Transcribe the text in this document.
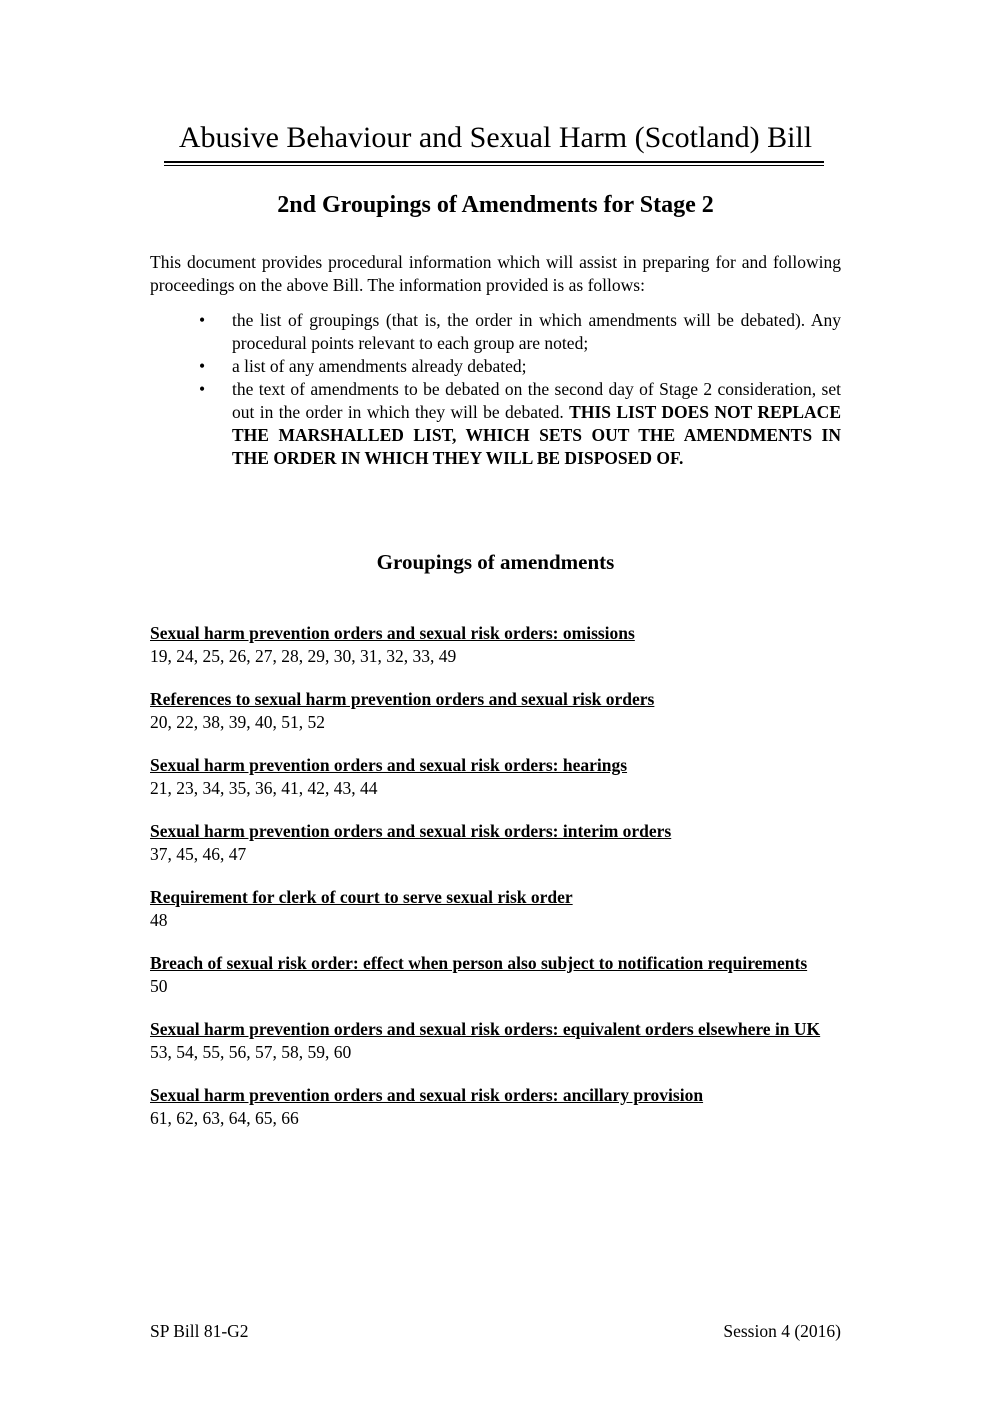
Abusive Behaviour and Sexual Harm (Scotland) Bill
2nd Groupings of Amendments for Stage 2
This document provides procedural information which will assist in preparing for and following proceedings on the above Bill. The information provided is as follows:
• the list of groupings (that is, the order in which amendments will be debated). Any procedural points relevant to each group are noted;
• a list of any amendments already debated;
• the text of amendments to be debated on the second day of Stage 2 consideration, set out in the order in which they will be debated. THIS LIST DOES NOT REPLACE THE MARSHALLED LIST, WHICH SETS OUT THE AMENDMENTS IN THE ORDER IN WHICH THEY WILL BE DISPOSED OF.
Groupings of amendments
Sexual harm prevention orders and sexual risk orders: omissions
19, 24, 25, 26, 27, 28, 29, 30, 31, 32, 33, 49
References to sexual harm prevention orders and sexual risk orders
20, 22, 38, 39, 40, 51, 52
Sexual harm prevention orders and sexual risk orders: hearings
21, 23, 34, 35, 36, 41, 42, 43, 44
Sexual harm prevention orders and sexual risk orders: interim orders
37, 45, 46, 47
Requirement for clerk of court to serve sexual risk order
48
Breach of sexual risk order: effect when person also subject to notification requirements
50
Sexual harm prevention orders and sexual risk orders: equivalent orders elsewhere in UK
53, 54, 55, 56, 57, 58, 59, 60
Sexual harm prevention orders and sexual risk orders: ancillary provision
61, 62, 63, 64, 65, 66
SP Bill 81-G2	Session 4 (2016)
